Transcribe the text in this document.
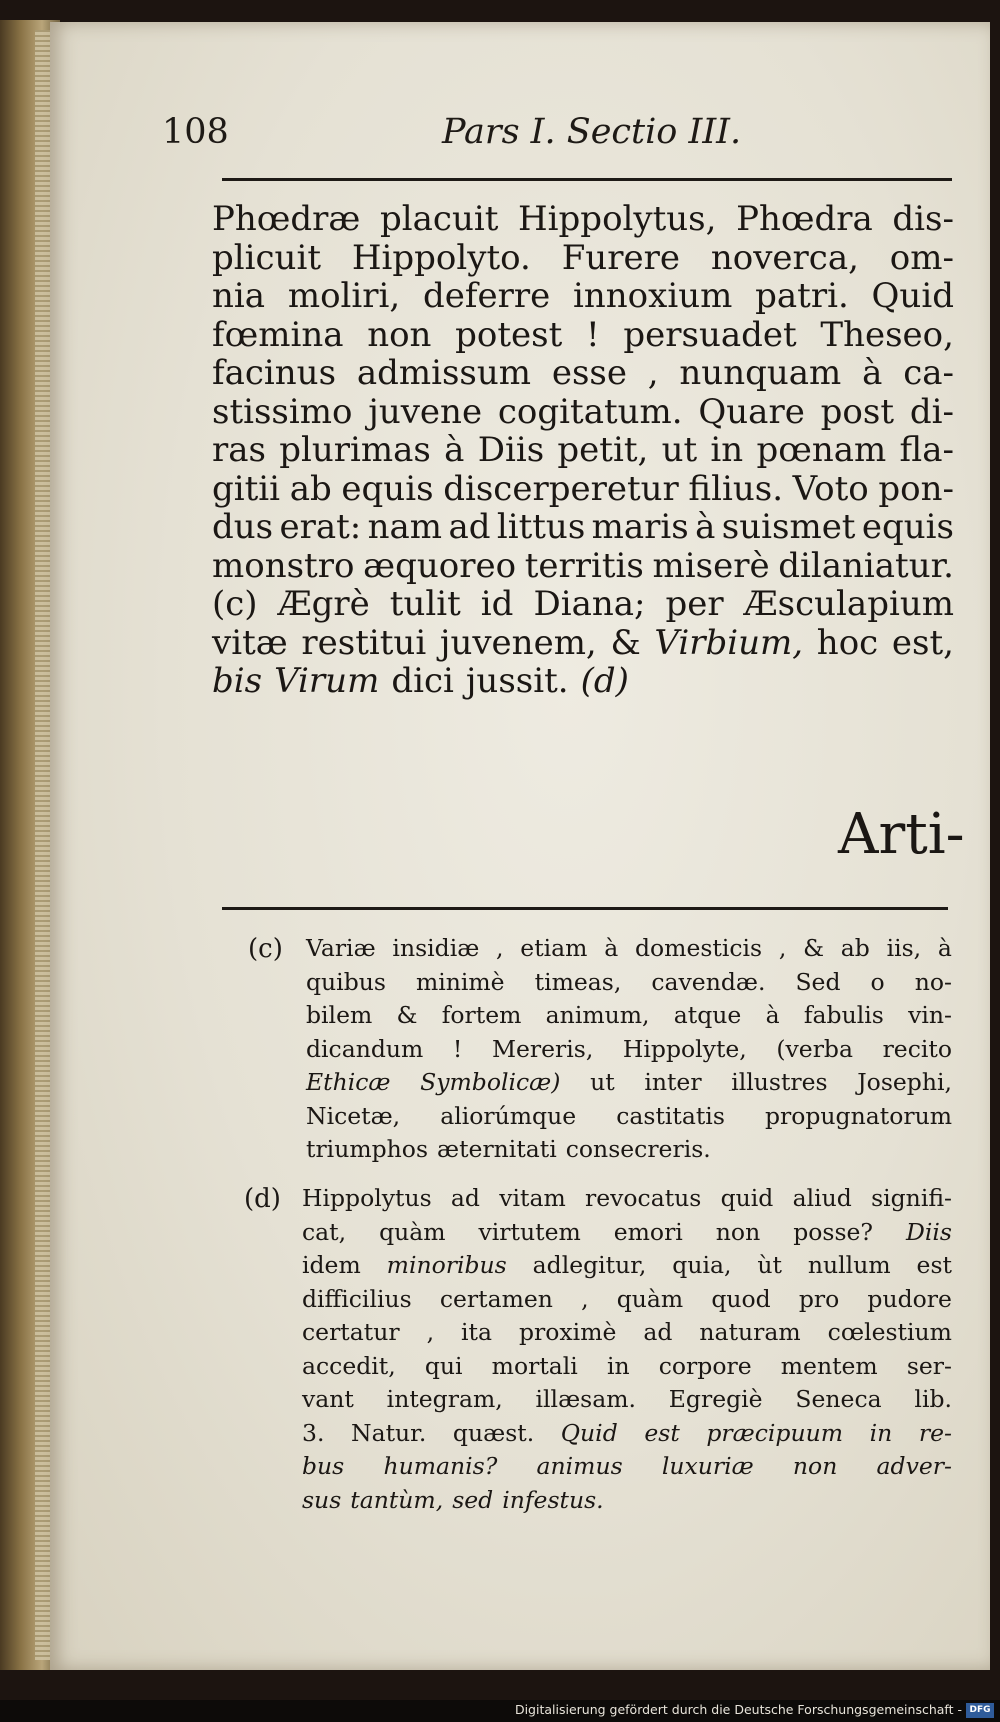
108	Pars I. Sectio III.
Phœdræ placuit Hippolytus, Phœdra dis-
plicuit Hippolyto. Furere noverca, om-
nia moliri, deferre innoxium patri. Quid
fœmina non potest ! persuadet Theseo,
facinus admissum esse , nunquam à ca-
stissimo juvene cogitatum. Quare post di-
ras plurimas à Diis petit, ut in pœnam fla-
gitii ab equis discerperetur filius. Voto pon-
dus erat: nam ad littus maris à suismet equis
monstro æquoreo territis miserè dilaniatur.
(c) Ægrè tulit id Diana; per Æsculapium
vitæ restitui juvenem, & Virbium, hoc est,
bis Virum dici jussit. (d)
Arti-
(c) Variæ insidiæ , etiam à domesticis , & ab iis, à
quibus minimè timeas, cavendæ. Sed o no-
bilem & fortem animum, atque à fabulis vin-
dicandum ! Mereris, Hippolyte, (verba recito
Ethicæ Symbolicæ) ut inter illustres Josephi,
Nicetæ, aliorúmque castitatis propugnatorum
triumphos æternitati consecreris.
(d) Hippolytus ad vitam revocatus quid aliud signifi-
cat, quàm virtutem emori non posse? Diis
idem minoribus adlegitur, quia, ùt nullum est
difficilius certamen , quàm quod pro pudore
certatur , ita proximè ad naturam cœlestium
accedit, qui mortali in corpore mentem ser-
vant integram, illæsam. Egregiè Seneca lib.
3. Natur. quæst. Quid est præcipuum in re-
bus humanis? animus luxuriæ non adver-
sus tantùm, sed infestus.
Digitalisierung gefördert durch die Deutsche Forschungsgemeinschaft - DFG
